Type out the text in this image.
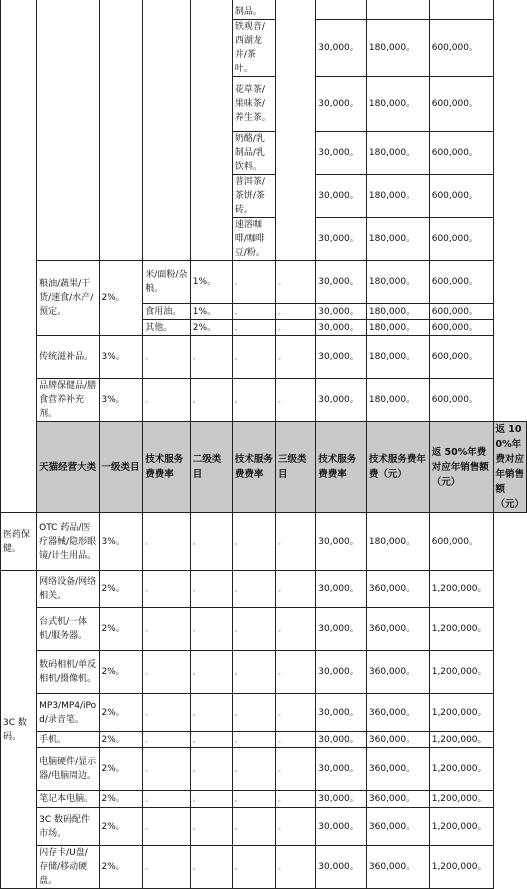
					制品。					
					铁观音/西湖龙井/茶叶。		30,000。	180,000。	600,000。	
					花草茶/果味茶/养生茶。		30,000。	180,000。	600,000。	
					奶酪/乳制品/乳饮料。		30,000。	180,000。	600,000。	
					普洱茶/茶饼/茶砖。		30,000。	180,000。	600,000。	
					速溶咖啡/咖啡豆/粉。		30,000。	180,000。	600,000。	
	粮油/蔬果/干货/速食/水产/预定。	2%。	米/面粉/杂粮。	1%。	。	。	30,000。	180,000。	600,000。	
			食用油。	1%。	。	。	30,000。	180,000。	600,000。	
			其他。	2%。	。	。	30,000。	180,000。	600,000。	
	传统滋补品。	3%。	。	。	。	。	30,000。	180,000。	600,000。	
	品牌保健品/膳食营养补充剂。	3%。	。	。	。	。	30,000。	180,000。	600,000。	
	天猫经营大类	一级类目	技术服务费费率	二级类目	技术服务费费率	三级类目	技术服务费费率	技术服务费年费（元）	返 50%年费对应年销售额（元）	返 100%年费对应年销售额（元）
医药保健。	OTC 药品/医疗器械/隐形眼镜/计生用品。	3%。	。	。	。	。	30,000。	180,000。	600,000。	
3C 数码。	网络设备/网络相关。	2%。	。	。	。	。	30,000。	360,000。	1,200,000。	
	台式机/一体机/服务器。	2%。	。	。	。	。	30,000。	360,000。	1,200,000。	
	数码相机/单反相机/摄像机。	2%。	。	。	。	。	30,000。	360,000。	1,200,000。	
	MP3/MP4/iPod/录音笔。	2%。	。	。	。	。	30,000。	360,000。	1,200,000。	
	手机。	2%。	。	。	。	。	30,000。	360,000。	1,200,000。	
	电脑硬件/显示器/电脑周边。	2%。	。	。	。	。	30,000。	360,000。	1,200,000。	
	笔记本电脑。	2%。	。	。	。	。	30,000。	360,000。	1,200,000。	
	3C 数码配件市场。	2%。	。	。	。	。	30,000。	360,000。	1,200,000。	
	闪存卡/U盘/存储/移动硬盘。	2%。	。	。	。	。	30,000。	360,000。	1,200,000。	
